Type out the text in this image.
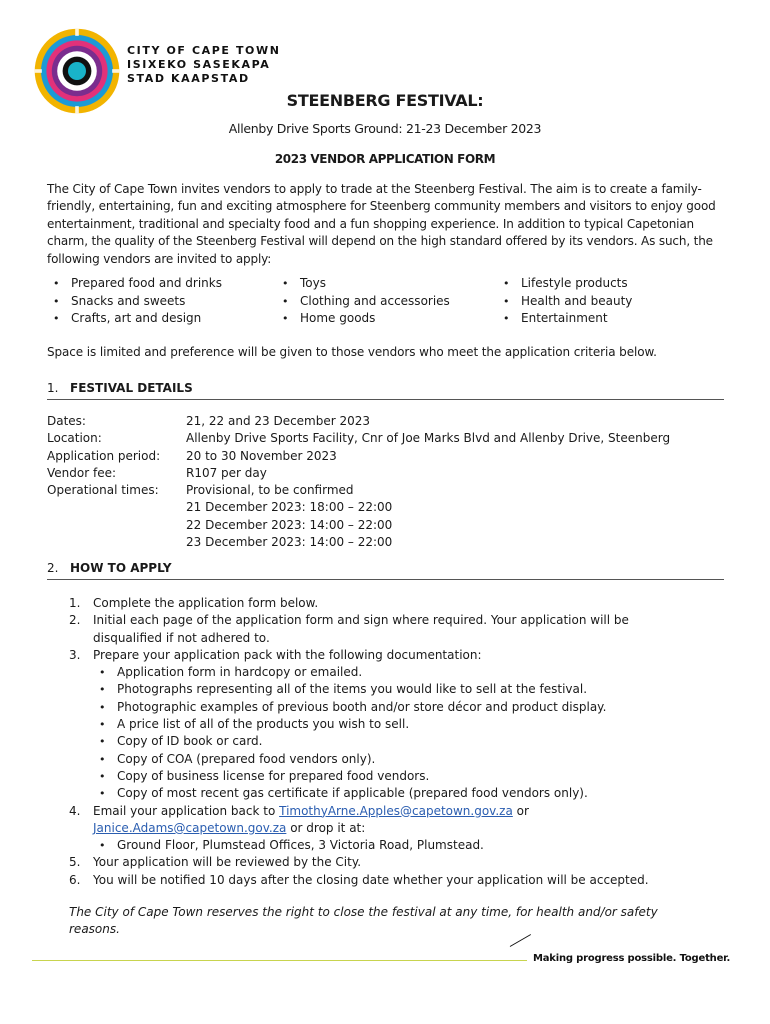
CITY OF CAPE TOWN
ISIXEKO SASEKAPA
STAD KAAPSTAD
STEENBERG FESTIVAL:
Allenby Drive Sports Ground: 21-23 December 2023
2023 VENDOR APPLICATION FORM

The City of Cape Town invites vendors to apply to trade at the Steenberg Festival. The aim is to create a family-friendly, entertaining, fun and exciting atmosphere for Steenberg community members and visitors to enjoy good entertainment, traditional and specialty food and a fun shopping experience. In addition to typical Capetonian charm, the quality of the Steenberg Festival will depend on the high standard offered by its vendors. As such, the following vendors are invited to apply:

• Prepared food and drinks
• Snacks and sweets
• Crafts, art and design
• Toys
• Clothing and accessories
• Home goods
• Lifestyle products
• Health and beauty
• Entertainment
Space is limited and preference will be given to those vendors who meet the application criteria below.
1. FESTIVAL DETAILS
Dates:	21, 22 and 23 December 2023
Location:	Allenby Drive Sports Facility, Cnr of Joe Marks Blvd and Allenby Drive, Steenberg
Application period: 20 to 30 November 2023
Vendor fee:	R107 per day
Operational times: Provisional, to be confirmed
21 December 2023: 18:00 – 22:00
22 December 2023: 14:00 – 22:00
23 December 2023: 14:00 – 22:00
2. HOW TO APPLY
1. Complete the application form below.
2. Initial each page of the application form and sign where required. Your application will be
disqualified if not adhered to.
3. Prepare your application pack with the following documentation:
• Application form in hardcopy or emailed.
• Photographs representing all of the items you would like to sell at the festival.
• Photographic examples of previous booth and/or store décor and product display.
• A price list of all of the products you wish to sell.
• Copy of ID book or card.
• Copy of COA (prepared food vendors only).
• Copy of business license for prepared food vendors.
• Copy of most recent gas certificate if applicable (prepared food vendors only).
4. Email your application back to TimothyArne.Apples@capetown.gov.za or
Janice.Adams@capetown.gov.za or drop it at:
• Ground Floor, Plumstead Offices, 3 Victoria Road, Plumstead.
5. Your application will be reviewed by the City.
6. You will be notified 10 days after the closing date whether your application will be accepted.
The City of Cape Town reserves the right to close the festival at any time, for health and/or safety reasons.
Making progress possible. Together.
